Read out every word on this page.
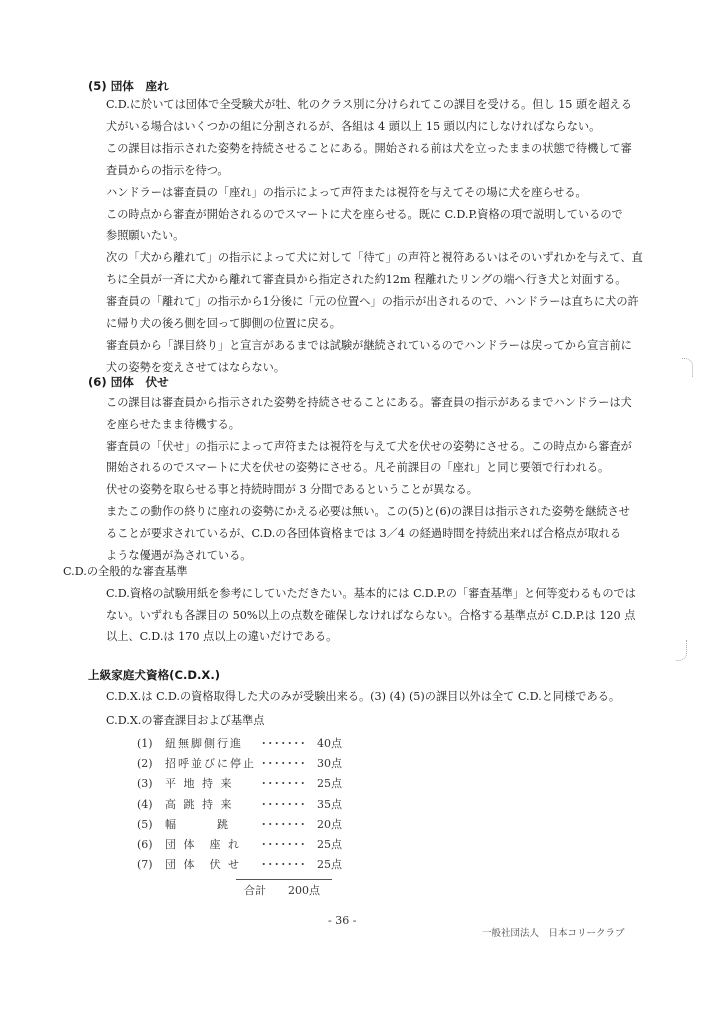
(5) 団体　座れ
C.D.に於いては団体で全受験犬が牡、牝のクラス別に分けられてこの課目を受ける。但し 15 頭を超える
犬がいる場合はいくつかの組に分割されるが、各組は 4 頭以上 15 頭以内にしなければならない。
この課目は指示された姿勢を持続させることにある。開始される前は犬を立ったままの状態で待機して審
査員からの指示を待つ。
ハンドラーは審査員の「座れ」の指示によって声符または視符を与えてその場に犬を座らせる。
この時点から審査が開始されるのでスマートに犬を座らせる。既に C.D.P.資格の項で説明しているので
参照願いたい。
次の「犬から離れて」の指示によって犬に対して「待て」の声符と視符あるいはそのいずれかを与えて、直
ちに全員が一斉に犬から離れて審査員から指定された約12m 程離れたリングの端へ行き犬と対面する。
審査員の「離れて」の指示から1分後に「元の位置へ」の指示が出されるので、ハンドラーは直ちに犬の許
に帰り犬の後ろ側を回って脚側の位置に戻る。
審査員から「課目終り」と宣言があるまでは試験が継続されているのでハンドラーは戻ってから宣言前に
犬の姿勢を変えさせてはならない。
(6) 団体　伏せ
この課目は審査員から指示された姿勢を持続させることにある。審査員の指示があるまでハンドラーは犬
を座らせたまま待機する。
審査員の「伏せ」の指示によって声符または視符を与えて犬を伏せの姿勢にさせる。この時点から審査が
開始されるのでスマートに犬を伏せの姿勢にさせる。凡そ前課目の「座れ」と同じ要領で行われる。
伏せの姿勢を取らせる事と持続時間が 3 分間であるということが異なる。
またこの動作の終りに座れの姿勢にかえる必要は無い。この(5)と(6)の課目は指示された姿勢を継続させ
ることが要求されているが、C.D.の各団体資格までは 3／4 の経過時間を持続出来れば合格点が取れる
ような優遇が為されている。
C.D.の全般的な審査基準
C.D.資格の試験用紙を参考にしていただきたい。基本的には C.D.P.の「審査基準」と何等変わるものでは
ない。いずれも各課目の 50%以上の点数を確保しなければならない。合格する基準点が C.D.P.は 120 点
以上、C.D.は 170 点以上の違いだけである。
上級家庭犬資格(C.D.X.)
C.D.X.は C.D.の資格取得した犬のみが受験出来る。(3) (4) (5)の課目以外は全て C.D.と同様である。
C.D.X.の審査課目および基準点
(1) 紐無脚側行進 ･･･････ 40点
(2) 招呼並びに停止 ･･･････ 30点
(3) 平 地 持 来	･･･････ 25点
(4) 高 跳 持 来	･･･････ 35点
(5) 幅　　　跳	･･･････ 20点
(6) 団 体　座 れ ･･･････ 25点
(7) 団 体　伏 せ ･･･････ 25点
合計 200点
- 36 -
一般社団法人　日本コリークラブ
